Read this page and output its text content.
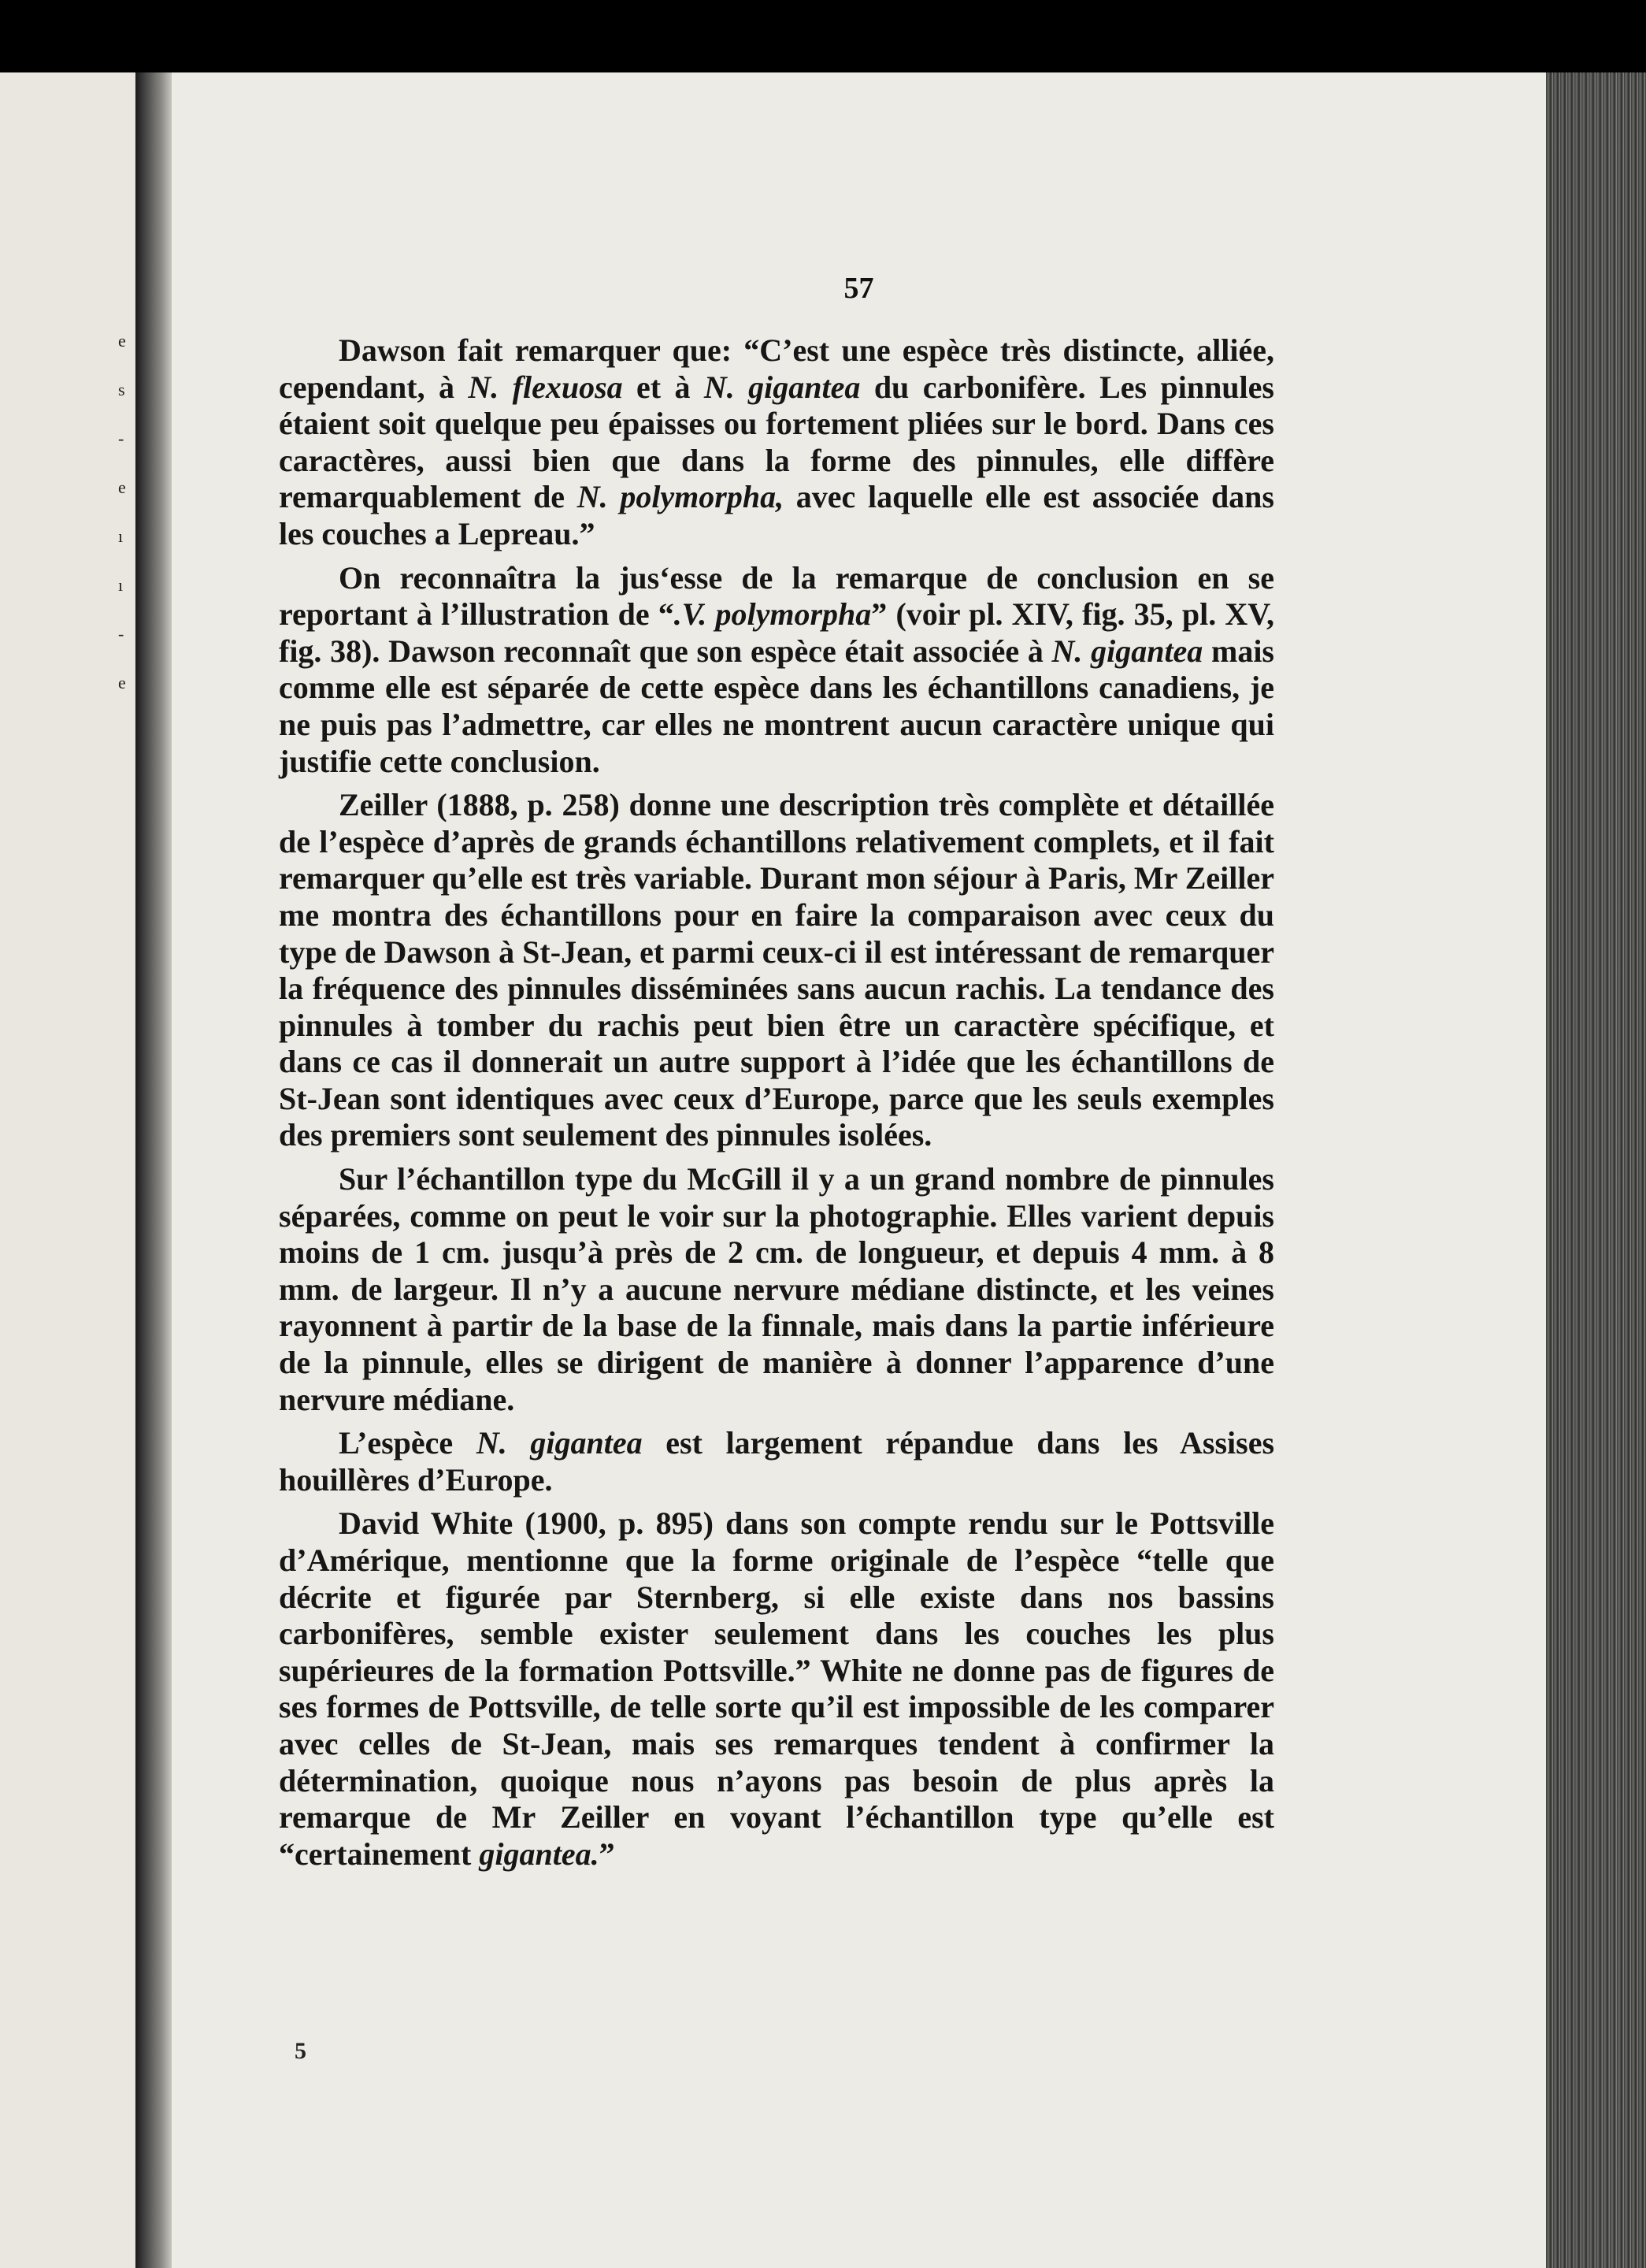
e
s
-
e
ı
ı
-
e
57

Dawson fait remarquer que: “C’est une espèce très distincte, alliée, cependant, à N. flexuosa et à N. gigantea du carbonifère. Les pinnules étaient soit quelque peu épaisses ou fortement pliées sur le bord. Dans ces caractères, aussi bien que dans la forme des pinnules, elle diffère remarquablement de N. polymorpha, avec laquelle elle est associée dans les couches a Lepreau.”

On reconnaîtra la jus‘esse de la remarque de conclusion en se reportant à l’illustration de “.V. polymorpha” (voir pl. XIV, fig. 35, pl. XV, fig. 38). Dawson reconnaît que son espèce était associée à N. gigantea mais comme elle est séparée de cette espèce dans les échantillons canadiens, je ne puis pas l’admettre, car elles ne montrent aucun caractère unique qui justifie cette conclusion.

Zeiller (1888, p. 258) donne une description très complète et détaillée de l’espèce d’après de grands échantillons relativement complets, et il fait remarquer qu’elle est très variable. Durant mon séjour à Paris, Mr Zeiller me montra des échantillons pour en faire la comparaison avec ceux du type de Dawson à St-Jean, et parmi ceux-ci il est intéressant de remarquer la fréquence des pinnules disséminées sans aucun rachis. La tendance des pinnules à tomber du rachis peut bien être un caractère spécifique, et dans ce cas il donnerait un autre support à l’idée que les échantillons de St-Jean sont identiques avec ceux d’Europe, parce que les seuls exemples des premiers sont seulement des pinnules isolées.

Sur l’échantillon type du McGill il y a un grand nombre de pinnules séparées, comme on peut le voir sur la photographie. Elles varient depuis moins de 1 cm. jusqu’à près de 2 cm. de longueur, et depuis 4 mm. à 8 mm. de largeur. Il n’y a aucune nervure médiane distincte, et les veines rayonnent à partir de la base de la finnale, mais dans la partie inférieure de la pinnule, elles se dirigent de manière à donner l’apparence d’une nervure médiane.

L’espèce N. gigantea est largement répandue dans les Assises houillères d’Europe.

David White (1900, p. 895) dans son compte rendu sur le Pottsville d’Amérique, mentionne que la forme originale de l’espèce “telle que décrite et figurée par Sternberg, si elle existe dans nos bassins carbonifères, semble exister seulement dans les couches les plus supérieures de la formation Pottsville.” White ne donne pas de figures de ses formes de Pottsville, de telle sorte qu’il est impossible de les comparer avec celles de St-Jean, mais ses remarques tendent à confirmer la détermination, quoique nous n’ayons pas besoin de plus après la remarque de Mr Zeiller en voyant l’échantillon type qu’elle est “certainement gigantea.”

5
